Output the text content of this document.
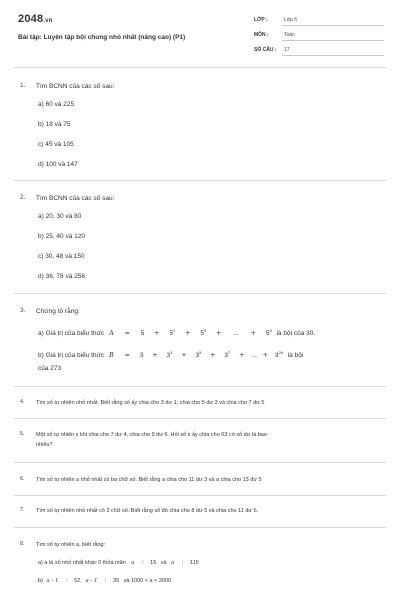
2048.vn
Bài tập: Luyện tập bội chung nhỏ nhất (nâng cao) (P1)
LỚP :	Lớp 6
MÔN :	Toán
SỐ CÂU : 17
1. Tìm BCNN của các số sau:
a) 60 và 225
b) 18 và 75
c) 45 và 105
d) 100 và 147
2. Tìm BCNN của các số sau:
a) 20, 30 và 80
b) 25, 40 và 120
c) 30, 48 và 150
d) 36, 78 và 256
3. Chứng tỏ rằng:
a) Giá trị của biểu thức $A = 5 + 5^2 + 5^3$ + ... + $5^8$ là bội của 30.
b) Giá trị của biểu thức $B = 3 + 3^3 + 3^5 + 3^7$ + ... + $3^{29}$ là bội
của 273
4. Tìm số tự nhiên nhỏ nhất. Biết rằng số ấy chia cho 3 dư 1, chia cho 5 dư 3 và chia cho 7 dư 5
5. Một số tự nhiên x khi chia cho 7 dư 4, chia cho 9 dư 6. Hỏi số x ấy chia cho 63 có số dư là bao
nhiêu?
6. Tìm số tự nhiên a nhỏ nhất có ba chữ số. Biết rằng a chia cho 11 dư 3 và a chia cho 13 dư 5
7. Tìm số tự nhiên nhỏ nhất có 3 chữ số. Biết rằng số đó chia cho 8 dư 5 và chia cho 11 dư 6.
8. Tìm số tự nhiên a, biết rằng:
a) a là số nhỏ nhất khác 0 thỏa mãn a ⋮ 15 và a ⋮ 115
b) a - 1 ⋮ 52, a - 1 ⋮ 35 và 1000 < a < 2000
